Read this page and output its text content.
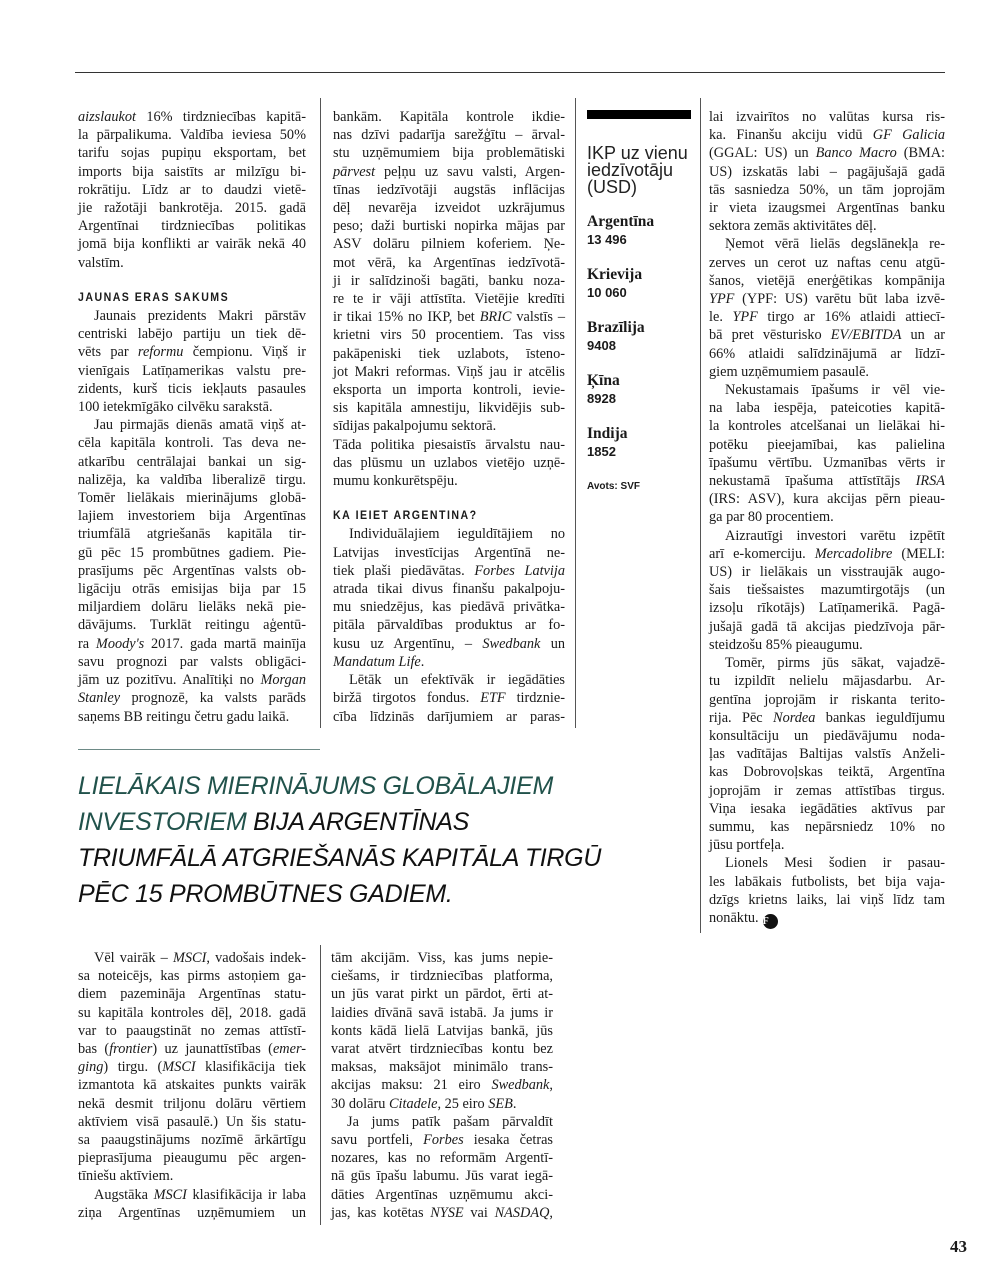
aizslaukot 16% tirdzniecības kapitā-
la pārpalikuma. Valdība ieviesa 50%
tarifu sojas pupiņu eksportam, bet
imports bija saistīts ar milzīgu bi-
rokrātiju. Līdz ar to daudzi vietē-
jie ražotāji bankrotēja. 2015. gadā
Argentīnai tirdzniecības politikas
jomā bija konflikti ar vairāk nekā 40
valstīm.
JAUNAS ĒRAS SĀKUMS
Jaunais prezidents Makri pārstāv
centriski labējo partiju un tiek dē-
vēts par reformu čempionu. Viņš ir
vienīgais Latīņamerikas valstu pre-
zidents, kurš ticis iekļauts pasaules
100 ietekmīgāko cilvēku sarakstā.
Jau pirmajās dienās amatā viņš at-
cēla kapitāla kontroli. Tas deva ne-
atkarību centrālajai bankai un sig-
nalizēja, ka valdība liberalizē tirgu.
Tomēr lielākais mierinājums globā-
lajiem investoriem bija Argentīnas
triumfālā atgriešanās kapitāla tir-
gū pēc 15 prombūtnes gadiem. Pie-
prasījums pēc Argentīnas valsts ob-
ligāciju otrās emisijas bija par 15
miljardiem dolāru lielāks nekā pie-
dāvājums. Turklāt reitingu aģentū-
ra Moody's 2017. gada martā mainīja
savu prognozi par valsts obligāci-
jām uz pozitīvu. Analītiķi no Morgan
Stanley prognozē, ka valsts parāds
saņems BB reitingu četru gadu laikā.
bankām. Kapitāla kontrole ikdie-
nas dzīvi padarīja sarežģītu – ārval-
stu uzņēmumiem bija problemātiski
pārvest peļņu uz savu valsti, Argen-
tīnas iedzīvotāji augstās inflācijas
dēļ nevarēja izveidot uzkrājumus
peso; daži burtiski nopirka mājas par
ASV dolāru pilniem koferiem. Ņe-
mot vērā, ka Argentīnas iedzīvotā-
ji ir salīdzinoši bagāti, banku noza-
re te ir vāji attīstīta. Vietējie kredīti
ir tikai 15% no IKP, bet BRIC valstīs –
krietni virs 50 procentiem. Tas viss
pakāpeniski tiek uzlabots, īsteno-
jot Makri reformas. Viņš jau ir atcēlis
eksporta un importa kontroli, ievie-
sis kapitāla amnestiju, likvidējis sub-
sīdijas pakalpojumu sektorā.
Tāda politika piesaistīs ārvalstu nau-
das plūsmu un uzlabos vietējo uzņē-
mumu konkurētspēju.
KĀ IEIET ARGENTĪNĀ?
Individuālajiem ieguldītājiem no
Latvijas investīcijas Argentīnā ne-
tiek plaši piedāvātas. Forbes Latvija
atrada tikai divus finanšu pakalpoju-
mu sniedzējus, kas piedāvā privātka-
pitāla pārvaldības produktus ar fo-
kusu uz Argentīnu, – Swedbank un
Mandatum Life.
Lētāk un efektīvāk ir iegādāties
biržā tirgotos fondus. ETF tirdznie-
cība līdzinās darījumiem ar paras-
lai izvairītos no valūtas kursa ris-
ka. Finanšu akciju vidū GF Galicia
(GGAL: US) un Banco Macro (BMA:
US) izskatās labi – pagājušajā gadā
tās sasniedza 50%, un tām joprojām
ir vieta izaugsmei Argentīnas banku
sektora zemās aktivitātes dēļ.
Ņemot vērā lielās degslānekļa re-
zerves un cerot uz naftas cenu atgū-
šanos, vietējā enerģētikas kompānija
YPF (YPF: US) varētu būt laba izvē-
le. YPF tirgo ar 16% atlaidi attiecī-
bā pret vēsturisko EV/EBITDA un ar
66% atlaidi salīdzinājumā ar līdzī-
giem uzņēmumiem pasaulē.
Nekustamais īpašums ir vēl vie-
na laba iespēja, pateicoties kapitā-
la kontroles atcelšanai un lielākai hi-
potēku pieejamībai, kas palielina
īpašumu vērtību. Uzmanības vērts ir
nekustamā īpašuma attīstītājs IRSA
(IRS: ASV), kura akcijas pērn pieau-
ga par 80 procentiem.
Aizrautīgi investori varētu izpētīt
arī e-komerciju. Mercadolibre (MELI:
US) ir lielākais un visstraujāk augo-
šais tiešsaistes mazumtirgotājs (un
izsoļu rīkotājs) Latīņamerikā. Pagā-
jušajā gadā tā akcijas piedzīvoja pār-
steidzošu 85% pieaugumu.
Tomēr, pirms jūs sākat, vajadzē-
tu izpildīt nelielu mājasdarbu. Ar-
gentīna joprojām ir riskanta terito-
rija. Pēc Nordea bankas ieguldījumu
konsultāciju un piedāvājumu noda-
ļas vadītājas Baltijas valstīs Anželi-
kas Dobrovoļskas teiktā, Argentīna
joprojām ir zemas attīstības tirgus.
Viņa iesaka iegādāties aktīvus par
summu, kas nepārsniedz 10% no
jūsu portfeļa.
Lionels Mesi šodien ir pasau-
les labākais futbolists, bet bija vaja-
dzīgs krietns laiks, lai viņš līdz tam
nonāktu. F
Vēl vairāk – MSCI, vadošais indek-
sa noteicējs, kas pirms astoņiem ga-
diem pazemināja Argentīnas statu-
su kapitāla kontroles dēļ, 2018. gadā
var to paaugstināt no zemas attīstī-
bas (frontier) uz jaunattīstības (emer-
ging) tirgu. (MSCI klasifikācija tiek
izmantota kā atskaites punkts vairāk
nekā desmit triljonu dolāru vērtiem
aktīviem visā pasaulē.) Un šis statu-
sa paaugstinājums nozīmē ārkārtīgu
pieprasījuma pieaugumu pēc argen-
tīniešu aktīviem.
Augstāka MSCI klasifikācija ir laba
ziņa Argentīnas uzņēmumiem un
tām akcijām. Viss, kas jums nepie-
ciešams, ir tirdzniecības platforma,
un jūs varat pirkt un pārdot, ērti at-
laidies dīvānā savā istabā. Ja jums ir
konts kādā lielā Latvijas bankā, jūs
varat atvērt tirdzniecības kontu bez
maksas, maksājot minimālo trans-
akcijas maksu: 21 eiro Swedbank,
30 dolāru Citadele, 25 eiro SEB.
Ja jums patīk pašam pārvaldīt
savu portfeli, Forbes iesaka četras
nozares, kas no reformām Argentī-
nā gūs īpašu labumu. Jūs varat iegā-
dāties Argentīnas uzņēmumu akci-
jas, kas kotētas NYSE vai NASDAQ,
IKP uz vienu iedzīvotāju (USD)
Argentīna
13 496
Krievija
10 060
Brazīlija
9408
Ķīna
8928
Indija
1852
Avots: SVF
LIELĀKAIS MIERINĀJUMS GLOBĀLAJIEM
INVESTORIEM BIJA ARGENTĪNAS
TRIUMFĀLĀ ATGRIEŠANĀS KAPITĀLA TIRGŪ
PĒC 15 PROMBŪTNES GADIEM.
43
